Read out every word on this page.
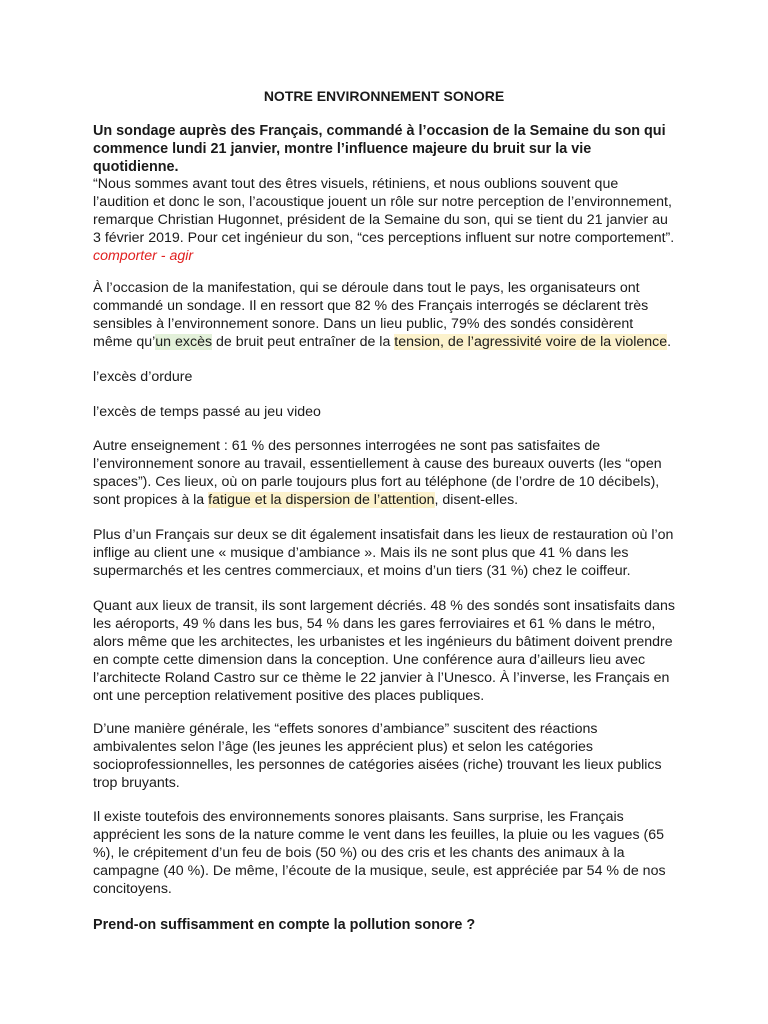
NOTRE ENVIRONNEMENT SONORE

Un sondage auprès des Français, commandé à l’occasion de la Semaine du son qui commence lundi 21 janvier, montre l’influence majeure du bruit sur la vie quotidienne.

“Nous sommes avant tout des êtres visuels, rétiniens, et nous oublions souvent que l’audition et donc le son, l’acoustique jouent un rôle sur notre perception de l’environnement, remarque Christian Hugonnet, président de la Semaine du son, qui se tient du 21 janvier au 3 février 2019. Pour cet ingénieur du son, “ces perceptions influent sur notre comportement”. comporter - agir

À l’occasion de la manifestation, qui se déroule dans tout le pays, les organisateurs ont commandé un sondage. Il en ressort que 82 % des Français interrogés se déclarent très sensibles à l’environnement sonore. Dans un lieu public, 79% des sondés considèrent même qu’un excès de bruit peut entraîner de la tension, de l’agressivité voire de la violence.

l’excès d’ordure

l’excès de temps passé au jeu video

Autre enseignement : 61 % des personnes interrogées ne sont pas satisfaites de l’environnement sonore au travail, essentiellement à cause des bureaux ouverts (les “open spaces”). Ces lieux, où on parle toujours plus fort au téléphone (de l’ordre de 10 décibels), sont propices à la fatigue et la dispersion de l’attention, disent-elles.

Plus d’un Français sur deux se dit également insatisfait dans les lieux de restauration où l’on inflige au client une « musique d’ambiance ». Mais ils ne sont plus que 41 % dans les supermarchés et les centres commerciaux, et moins d’un tiers (31 %) chez le coiffeur.

Quant aux lieux de transit, ils sont largement décriés. 48 % des sondés sont insatisfaits dans les aéroports, 49 % dans les bus, 54 % dans les gares ferroviaires et 61 % dans le métro, alors même que les architectes, les urbanistes et les ingénieurs du bâtiment doivent prendre en compte cette dimension dans la conception. Une conférence aura d’ailleurs lieu avec l’architecte Roland Castro sur ce thème le 22 janvier à l’Unesco. À l’inverse, les Français en ont une perception relativement positive des places publiques.

D’une manière générale, les “effets sonores d’ambiance” suscitent des réactions ambivalentes selon l’âge (les jeunes les apprécient plus) et selon les catégories socioprofessionnelles, les personnes de catégories aisées (riche) trouvant les lieux publics trop bruyants.

Il existe toutefois des environnements sonores plaisants. Sans surprise, les Français apprécient les sons de la nature comme le vent dans les feuilles, la pluie ou les vagues (65 %), le crépitement d’un feu de bois (50 %) ou des cris et les chants des animaux à la campagne (40 %). De même, l’écoute de la musique, seule, est appréciée par 54 % de nos concitoyens.

Prend-on suffisamment en compte la pollution sonore ?
